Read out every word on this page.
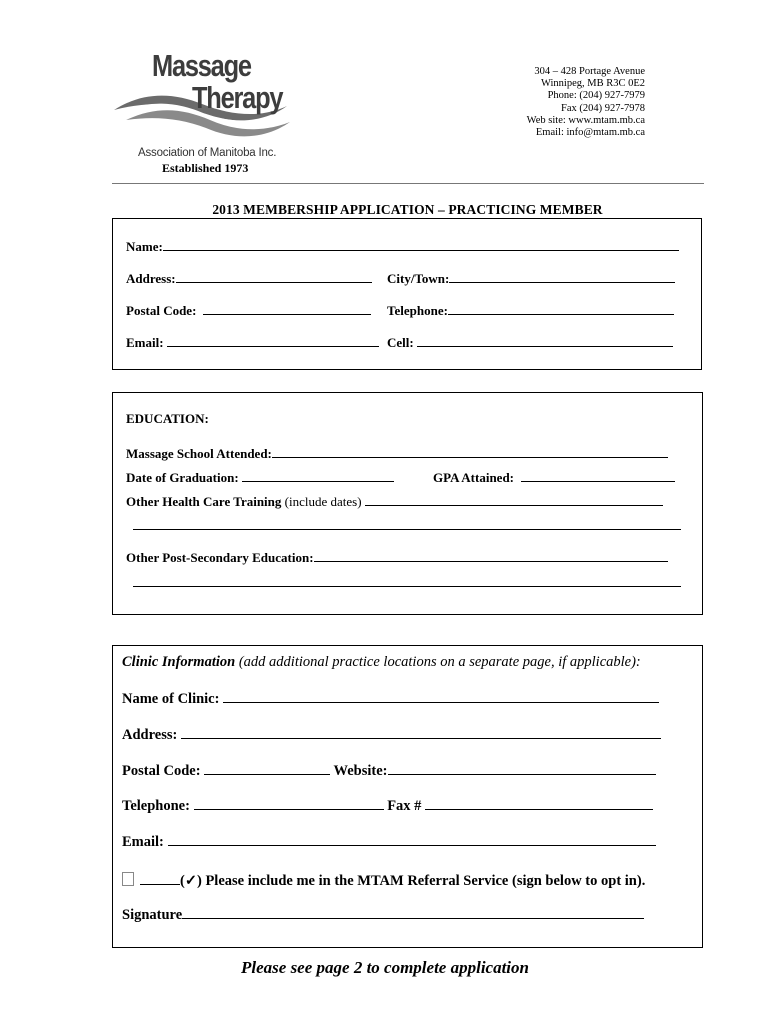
Massage
Therapy
Association of Manitoba Inc.
Established 1973
304 – 428 Portage Avenue
Winnipeg, MB R3C 0E2
Phone: (204) 927-7979
Fax (204) 927-7978
Web site: www.mtam.mb.ca
Email: info@mtam.mb.ca
2013 MEMBERSHIP APPLICATION – PRACTICING MEMBER
Name:
Address:	City/Town:
Postal Code:	Telephone:
Email:	Cell:
EDUCATION:
Massage School Attended:
Date of Graduation:	GPA Attained:
Other Health Care Training (include dates)
Other Post-Secondary Education:
Clinic Information (add additional practice locations on a separate page, if applicable):
Name of Clinic:
Address:
Postal Code:	Website:
Telephone:	Fax #
Email:
(✓) Please include me in the MTAM Referral Service (sign below to opt in).
Signature
Please see page 2 to complete application
